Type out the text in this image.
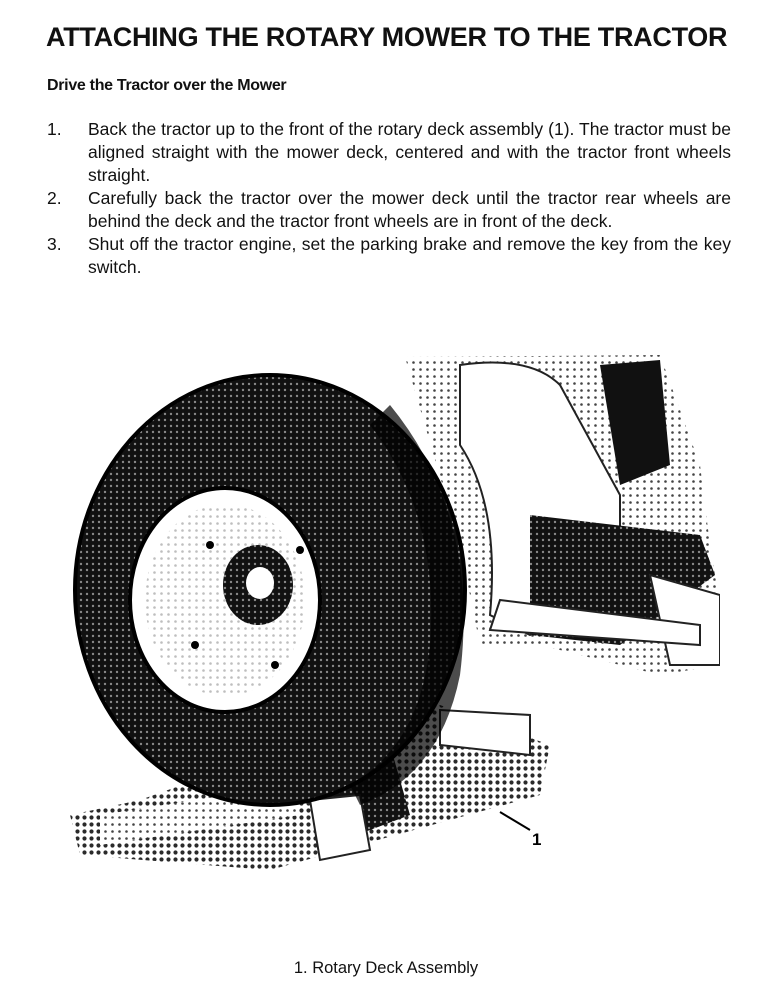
ATTACHING THE ROTARY MOWER TO THE TRACTOR
Drive the Tractor over the Mower
1. Back the tractor up to the front of the rotary deck assembly (1). The tractor must be aligned straight with the mower deck, centered and with the tractor front wheels straight.
2. Carefully back the tractor over the mower deck until the tractor rear wheels are behind the deck and the tractor front wheels are in front of the deck.
3. Shut off the tractor engine, set the parking brake and remove the key from the key switch.
1
1. Rotary Deck Assembly
